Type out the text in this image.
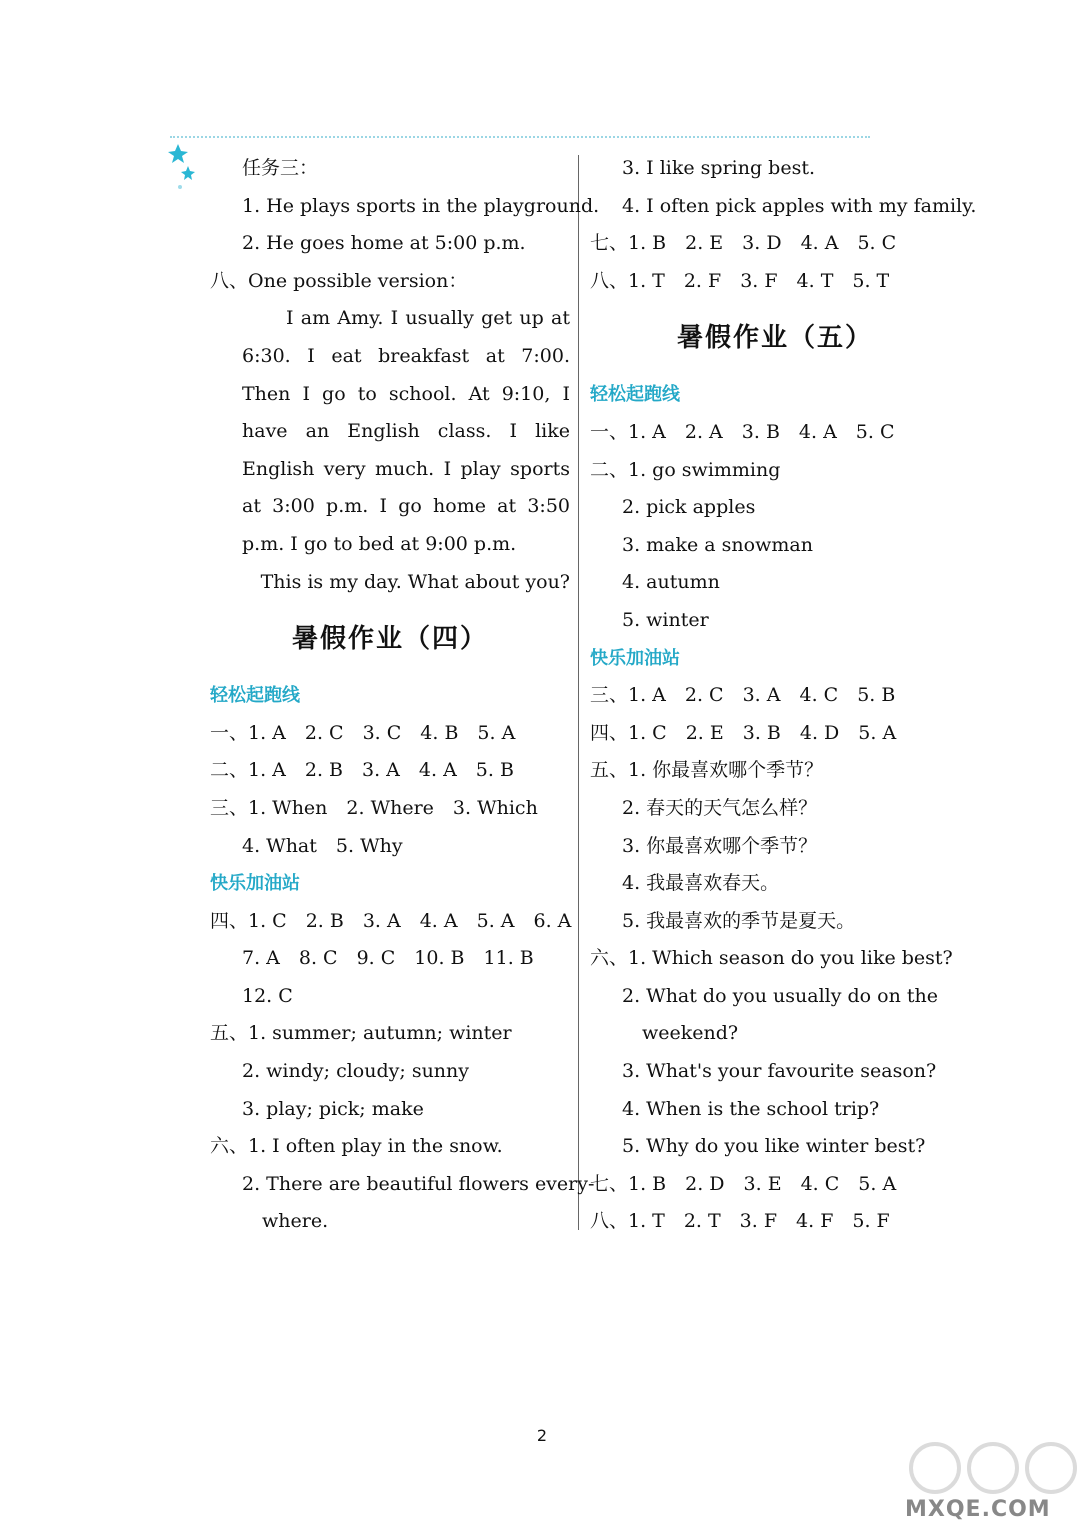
任务三：
1. He plays sports in the playground.
2. He goes home at 5:00 p.m.
八、One possible version：
I am Amy. I usually get up at 6:30. I eat breakfast at 7:00. Then I go to school. At 9:10, I have an English class. I like English very much. I play sports at 3:00 p.m. I go home at 3:50 p.m. I go to bed at 9:00 p.m.
This is my day. What about you?
暑假作业（四）
轻松起跑线
一、1. A　2. C　3. C　4. B　5. A
二、1. A　2. B　3. A　4. A　5. B
三、1. When　2. Where　3. Which
4. What　5. Why
快乐加油站
四、1. C　2. B　3. A　4. A　5. A　6. A
7. A　8. C　9. C　10. B　11. B
12. C
五、1. summer; autumn; winter
2. windy; cloudy; sunny
3. play; pick; make
六、1. I often play in the snow.
2. There are beautiful flowers every-
where.
3. I like spring best.
4. I often pick apples with my family.
七、1. B　2. E　3. D　4. A　5. C
八、1. T　2. F　3. F　4. T　5. T
暑假作业（五）
轻松起跑线
一、1. A　2. A　3. B　4. A　5. C
二、1. go swimming
2. pick apples
3. make a snowman
4. autumn
5. winter
快乐加油站
三、1. A　2. C　3. A　4. C　5. B
四、1. C　2. E　3. B　4. D　5. A
五、1. 你最喜欢哪个季节？
2. 春天的天气怎么样？
3. 你最喜欢哪个季节？
4. 我最喜欢春天。
5. 我最喜欢的季节是夏天。
六、1. Which season do you like best?
2. What do you usually do on the
weekend?
3. What's your favourite season?
4. When is the school trip?
5. Why do you like winter best?
七、1. B　2. D　3. E　4. C　5. A
八、1. T　2. T　3. F　4. F　5. F
2
MXQE.COM
